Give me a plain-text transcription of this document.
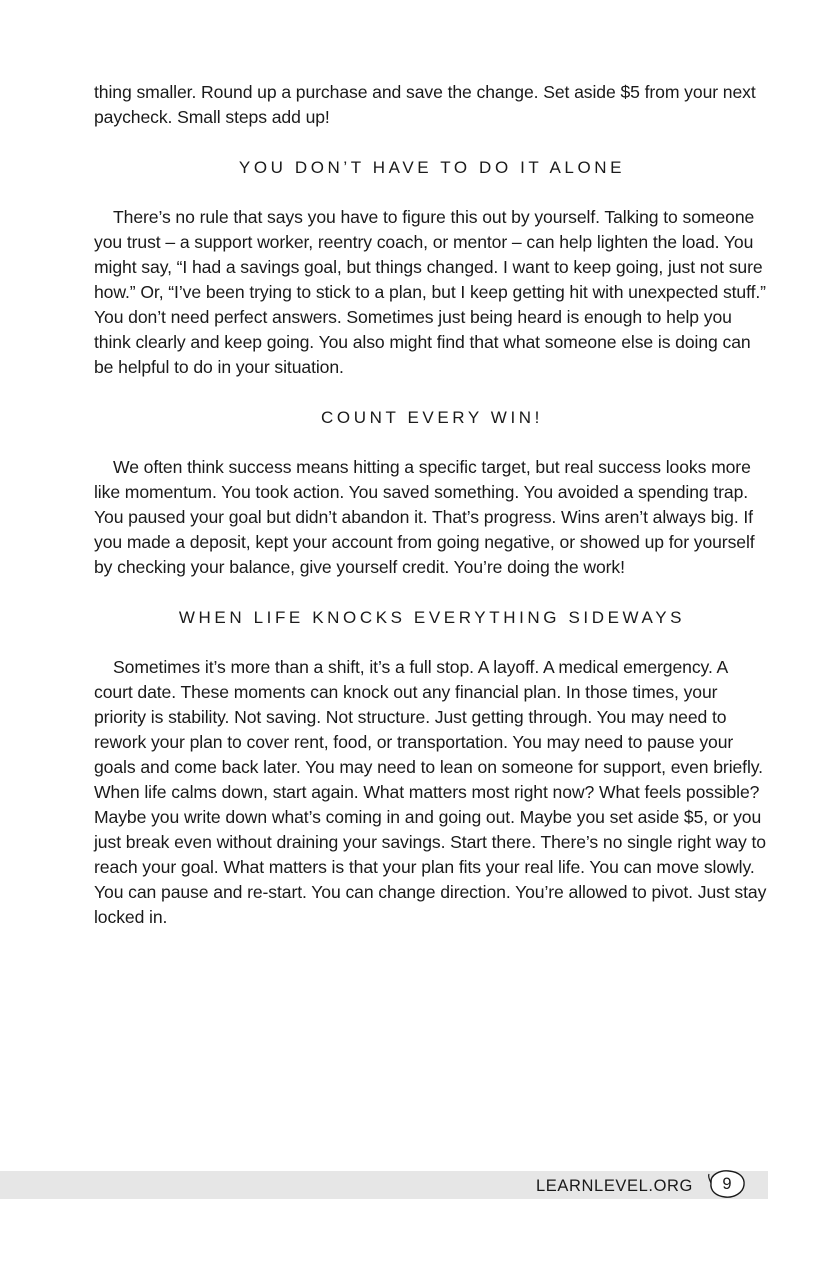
thing smaller. Round up a purchase and save the change. Set aside $5 from your next paycheck. Small steps add up!

YOU DON’T HAVE TO DO IT ALONE

There’s no rule that says you have to figure this out by yourself. Talking to someone you trust – a support worker, reentry coach, or mentor – can help lighten the load. You might say, “I had a savings goal, but things changed. I want to keep going, just not sure how.” Or, “I’ve been trying to stick to a plan, but I keep getting hit with unexpected stuff.” You don’t need perfect answers. Sometimes just being heard is enough to help you think clearly and keep going. You also might find that what someone else is doing can be helpful to do in your situation.

COUNT EVERY WIN!

We often think success means hitting a specific target, but real success looks more like momentum. You took action. You saved something. You avoided a spending trap. You paused your goal but didn’t abandon it. That’s progress. Wins aren’t always big. If you made a deposit, kept your account from going negative, or showed up for yourself by checking your balance, give yourself credit. You’re doing the work!

WHEN LIFE KNOCKS EVERYTHING SIDEWAYS

Sometimes it’s more than a shift, it’s a full stop. A layoff. A medical emergency. A court date. These moments can knock out any financial plan. In those times, your priority is stability. Not saving. Not structure. Just getting through. You may need to rework your plan to cover rent, food, or transportation. You may need to pause your goals and come back later. You may need to lean on someone for support, even briefly. When life calms down, start again. What matters most right now? What feels possible? Maybe you write down what’s coming in and going out. Maybe you set aside $5, or you just break even without draining your savings. Start there. There’s no single right way to reach your goal. What matters is that your plan fits your real life. You can move slowly. You can pause and re-start. You can change direction. You’re allowed to pivot. Just stay locked in.

LEARNLEVEL.ORG	9
